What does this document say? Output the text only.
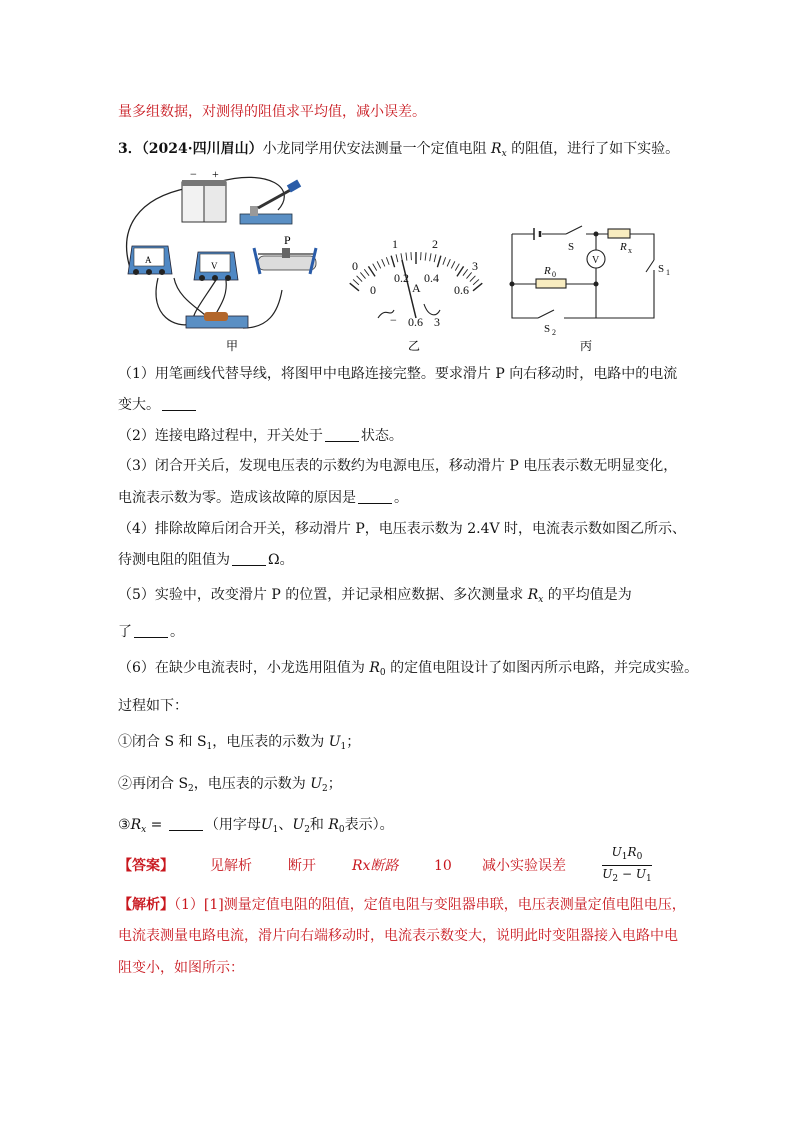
量多组数据，对测得的阻值求平均值，减小误差。
3．（2024·四川眉山）小龙同学用伏安法测量一个定值电阻 $R_x$ 的阻值，进行了如下实验。
− +
A
V
P
甲
0
1	2
3
0
0.2 0.4
0.6
A
− 0.6 3
乙
S
V
R x
R 0	S 1
S 2
丙
（1）用笔画线代替导线，将图甲中电路连接完整。要求滑片 P 向右移动时，电路中的电流
变大。
（2）连接电路过程中，开关处于	状态。
（3）闭合开关后，发现电压表的示数约为电源电压，移动滑片 P 电压表示数无明显变化，
电流表示数为零。造成该故障的原因是	。
（4）排除故障后闭合开关，移动滑片 P，电压表示数为 2.4V 时，电流表示数如图乙所示、
待测电阻的阻值为	Ω。
（5）实验中，改变滑片 P 的位置，并记录相应数据、多次测量求 $R_x$ 的平均值是为
了	。
（6）在缺少电流表时，小龙选用阻值为 $R_0$ 的定值电阻设计了如图丙所示电路，并完成实验。
过程如下：
①闭合 S 和 $S_1$，电压表的示数为 $U_1$；
②再闭合 $S_2$，电压表的示数为 $U_2$；
$③R_x$ =	（用字母$U_1$、$U_2$和 $R_0$表示）。
【答案】	见解析	断开	Rx断路	10 减小实验误差
$U_1R_0$
$U_2 - U_1$
【解析】（1）[1]测量定值电阻的阻值，定值电阻与变阻器串联，电压表测量定值电阻电压，
电流表测量电路电流，滑片向右端移动时，电流表示数变大，说明此时变阻器接入电路中电
阻变小，如图所示：
